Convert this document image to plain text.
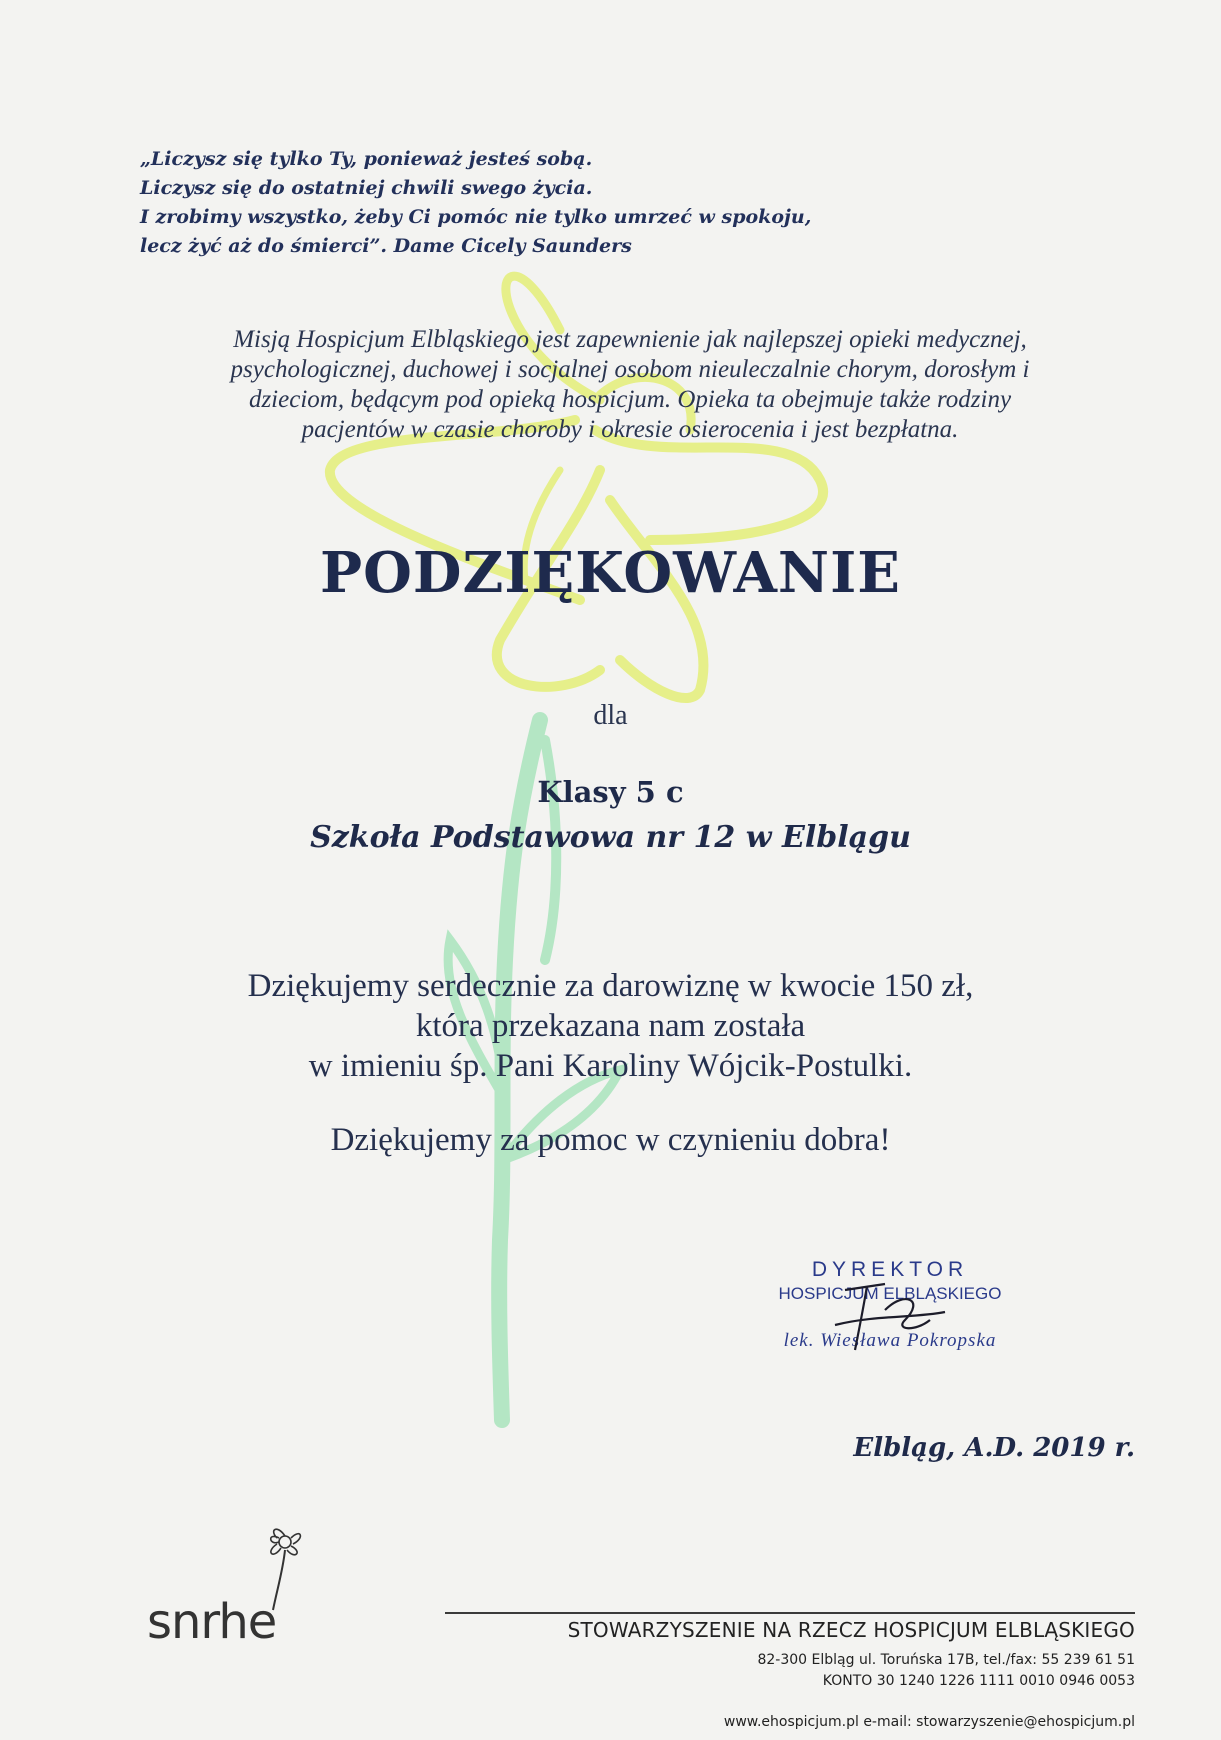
„Liczysz się tylko Ty, ponieważ jesteś sobą.
Liczysz się do ostatniej chwili swego życia.
I zrobimy wszystko, żeby Ci pomóc nie tylko umrzeć w spokoju,
lecz żyć aż do śmierci”. Dame Cicely Saunders
Misją Hospicjum Elbląskiego jest zapewnienie jak najlepszej opieki medycznej,
psychologicznej, duchowej i socjalnej osobom nieuleczalnie chorym, dorosłym i
dzieciom, będącym pod opieką hospicjum. Opieka ta obejmuje także rodziny
pacjentów w czasie choroby i okresie osierocenia i jest bezpłatna.
PODZIĘKOWANIE
dla
Klasy 5 c
Szkoła Podstawowa nr 12 w Elblągu
Dziękujemy serdecznie za darowiznę w kwocie 150 zł,
która przekazana nam została
w imieniu śp. Pani Karoliny Wójcik-Postulki.
Dziękujemy za pomoc w czynieniu dobra!
DYREKTOR
HOSPICJUM ELBLĄSKIEGO
lek. Wiesława Pokropska
Elbląg, A.D. 2019 r.
snrhe	STOWARZYSZENIE NA RZECZ HOSPICJUM ELBLĄSKIEGO
82-300 Elbląg ul. Toruńska 17B, tel./fax: 55 239 61 51
KONTO 30 1240 1226 1111 0010 0946 0053
www.ehospicjum.pl e-mail: stowarzyszenie@ehospicjum.pl
